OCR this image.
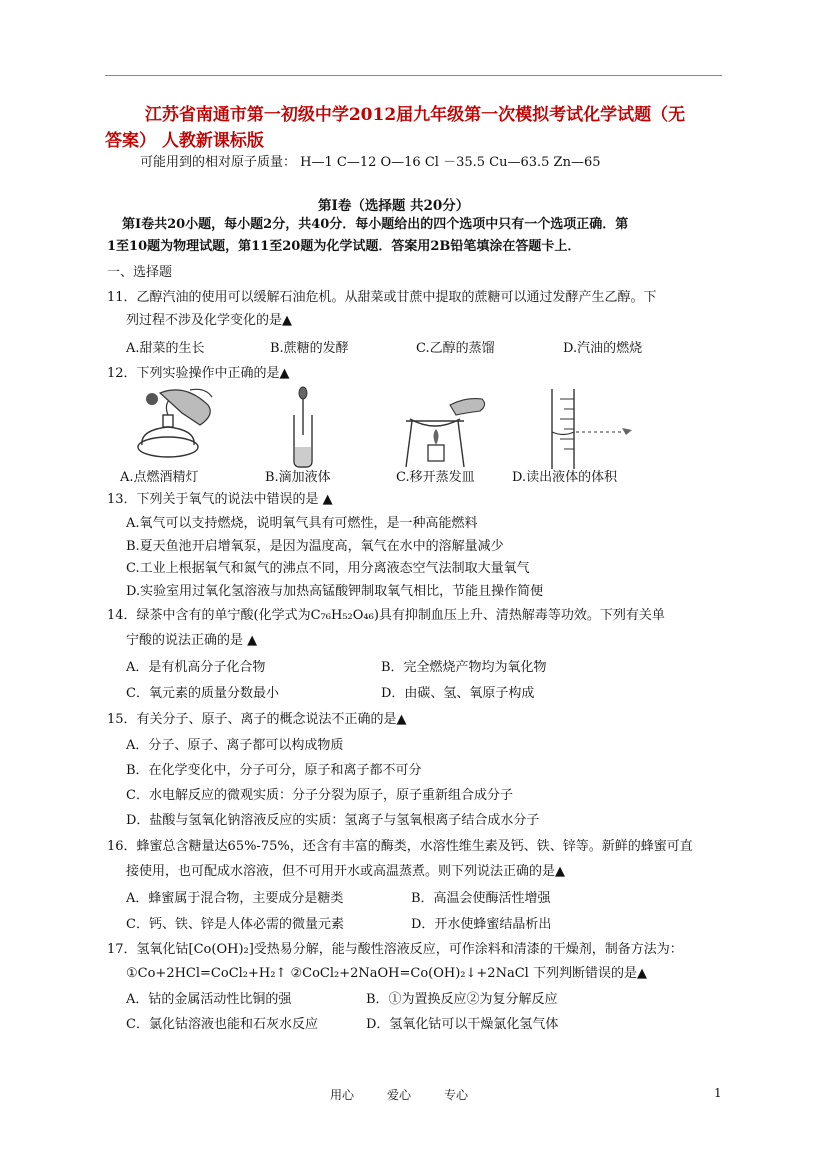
江苏省南通市第一初级中学2012届九年级第一次模拟考试化学试题（无
答案） 人教新课标版
可能用到的相对原子质量： H—1 C—12 O—16 Cl －35.5 Cu—63.5 Zn—65
第Ⅰ卷（选择题 共20分）
第Ⅰ卷共20小题，每小题2分，共40分．每小题给出的四个选项中只有一个选项正确．第
1至10题为物理试题，第11至20题为化学试题．答案用2B铅笔填涂在答题卡上．
一、选择题
11．乙醇汽油的使用可以缓解石油危机。从甜菜或甘蔗中提取的蔗糖可以通过发酵产生乙醇。下
列过程不涉及化学变化的是▲
A.甜菜的生长	B.蔗糖的发酵	C.乙醇的蒸馏	D.汽油的燃烧
12．下列实验操作中正确的是▲
A.点燃酒精灯	B.滴加液体	C.移开蒸发皿	D.读出液体的体积
13．下列关于氧气的说法中错误的是 ▲
A.氧气可以支持燃烧，说明氧气具有可燃性，是一种高能燃料
B.夏天鱼池开启增氧泵，是因为温度高，氧气在水中的溶解量减少
C.工业上根据氧气和氮气的沸点不同，用分离液态空气法制取大量氧气
D.实验室用过氧化氢溶液与加热高锰酸钾制取氧气相比，节能且操作简便
14．绿茶中含有的单宁酸(化学式为C₇₆H₅₂O₄₆)具有抑制血压上升、清热解毒等功效。下列有关单
宁酸的说法正确的是 ▲
A．是有机高分子化合物	B．完全燃烧产物均为氧化物
C．氧元素的质量分数最小	D．由碳、氢、氧原子构成
15．有关分子、原子、离子的概念说法不正确的是▲
A．分子、原子、离子都可以构成物质
B．在化学变化中，分子可分，原子和离子都不可分
C．水电解反应的微观实质：分子分裂为原子，原子重新组合成分子
D．盐酸与氢氧化钠溶液反应的实质：氢离子与氢氧根离子结合成水分子
16．蜂蜜总含糖量达65%-75%，还含有丰富的酶类，水溶性维生素及钙、铁、锌等。新鲜的蜂蜜可直
接使用，也可配成水溶液，但不可用开水或高温蒸煮。则下列说法正确的是▲
A．蜂蜜属于混合物，主要成分是糖类	B．高温会使酶活性增强
C．钙、铁、锌是人体必需的微量元素	D．开水使蜂蜜结晶析出
17．氢氧化钴[Co(OH)₂]受热易分解，能与酸性溶液反应，可作涂料和清漆的干燥剂，制备方法为：
①Co+2HCl=CoCl₂+H₂↑ ②CoCl₂+2NaOH=Co(OH)₂↓+2NaCl 下列判断错误的是▲
A．钴的金属活动性比铜的强	B．①为置换反应②为复分解反应
C．氯化钴溶液也能和石灰水反应	D．氢氧化钴可以干燥氯化氢气体
用心	爱心	专心	1
